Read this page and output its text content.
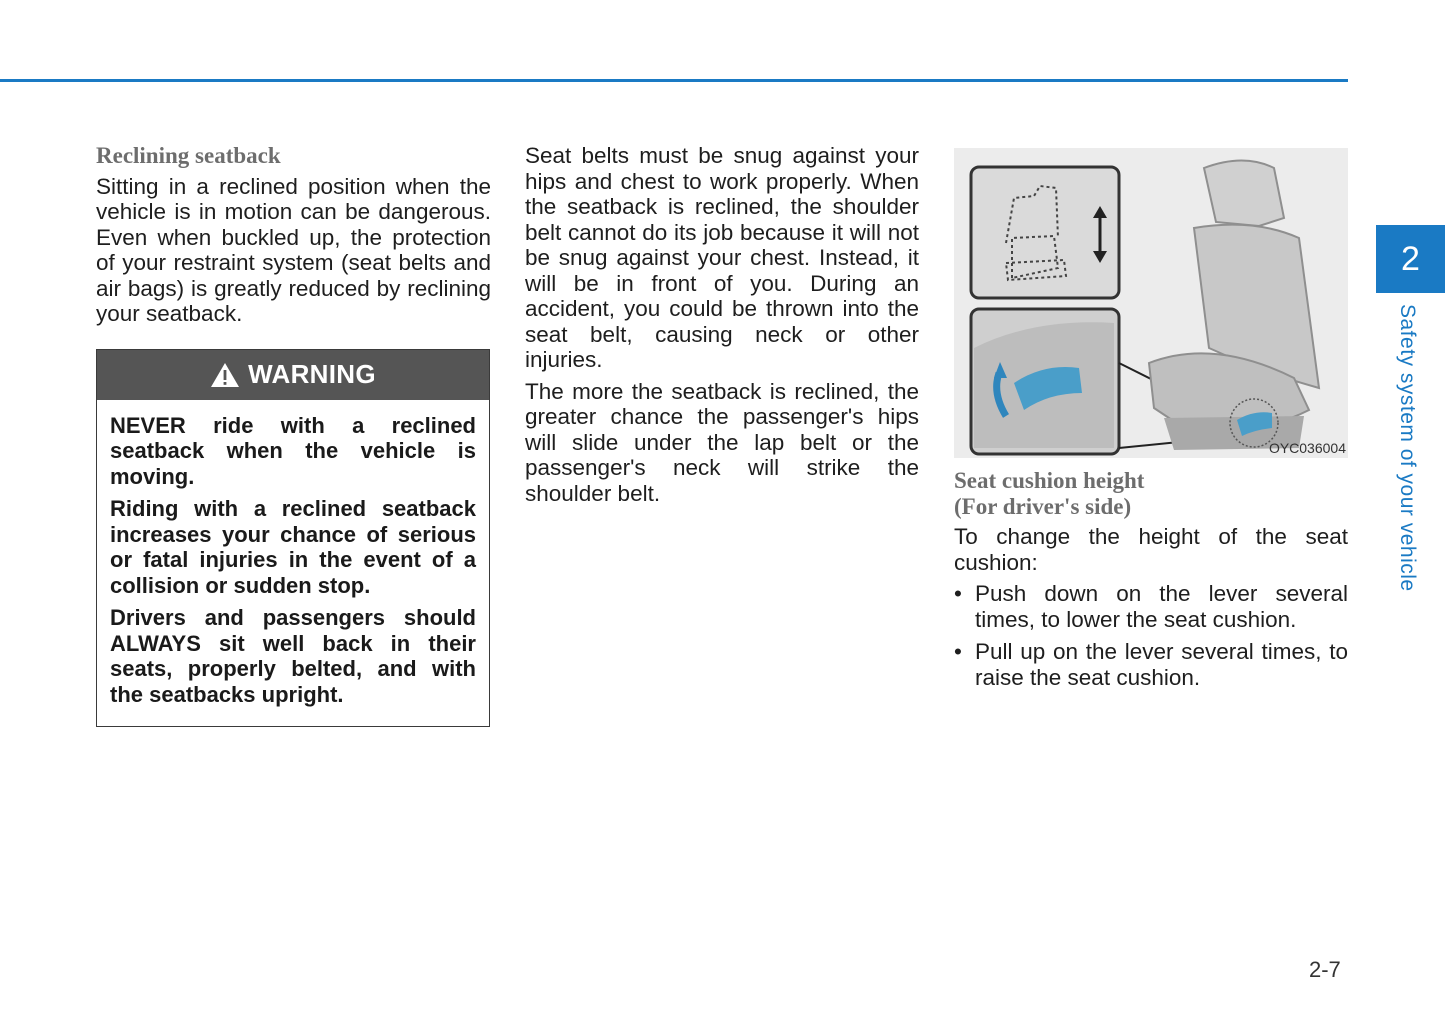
Reclining seatback

Sitting in a reclined position when the vehicle is in motion can be dangerous. Even when buckled up, the protection of your restraint system (seat belts and air bags) is greatly reduced by reclining your seatback.

WARNING

NEVER ride with a reclined seatback when the vehicle is moving.

Riding with a reclined seatback increases your chance of serious or fatal injuries in the event of a collision or sudden stop.

Drivers and passengers should ALWAYS sit well back in their seats, properly belted, and with the seatbacks upright.

Seat belts must be snug against your hips and chest to work properly. When the seatback is reclined, the shoulder belt cannot do its job because it will not be snug against your chest. Instead, it will be in front of you. During an accident, you could be thrown into the seat belt, causing neck or other injuries.

The more the seatback is reclined, the greater chance the passenger's hips will slide under the lap belt or the passenger's neck will strike the shoulder belt.

OYC036004
Seat cushion height
(For driver's side)

To change the height of the seat cushion:

• Push down on the lever several times, to lower the seat cushion.
• Pull up on the lever several times, to raise the seat cushion.
2
Safety system of your vehicle
2-7
